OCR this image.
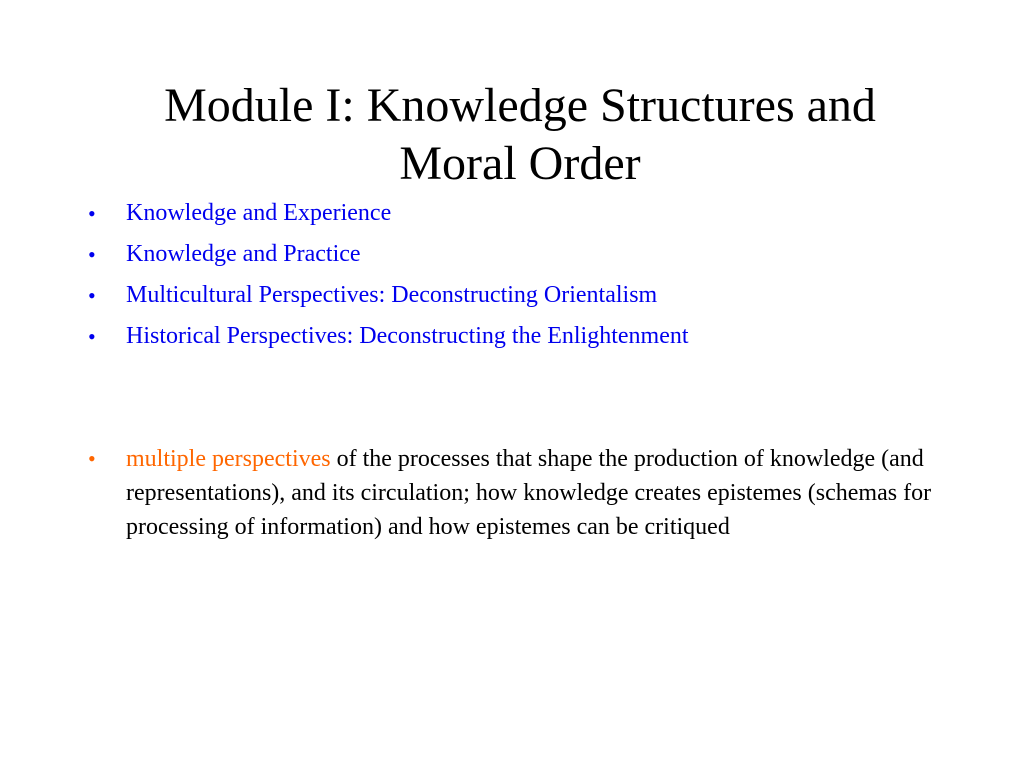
Module I: Knowledge Structures and
Moral Order
• Knowledge and Experience
• Knowledge and Practice
• Multicultural Perspectives: Deconstructing Orientalism
• Historical Perspectives: Deconstructing the Enlightenment
• multiple perspectives of the processes that shape the production of knowledge (and representations), and its circulation; how knowledge creates epistemes (schemas for processing of information) and how epistemes can be critiqued
